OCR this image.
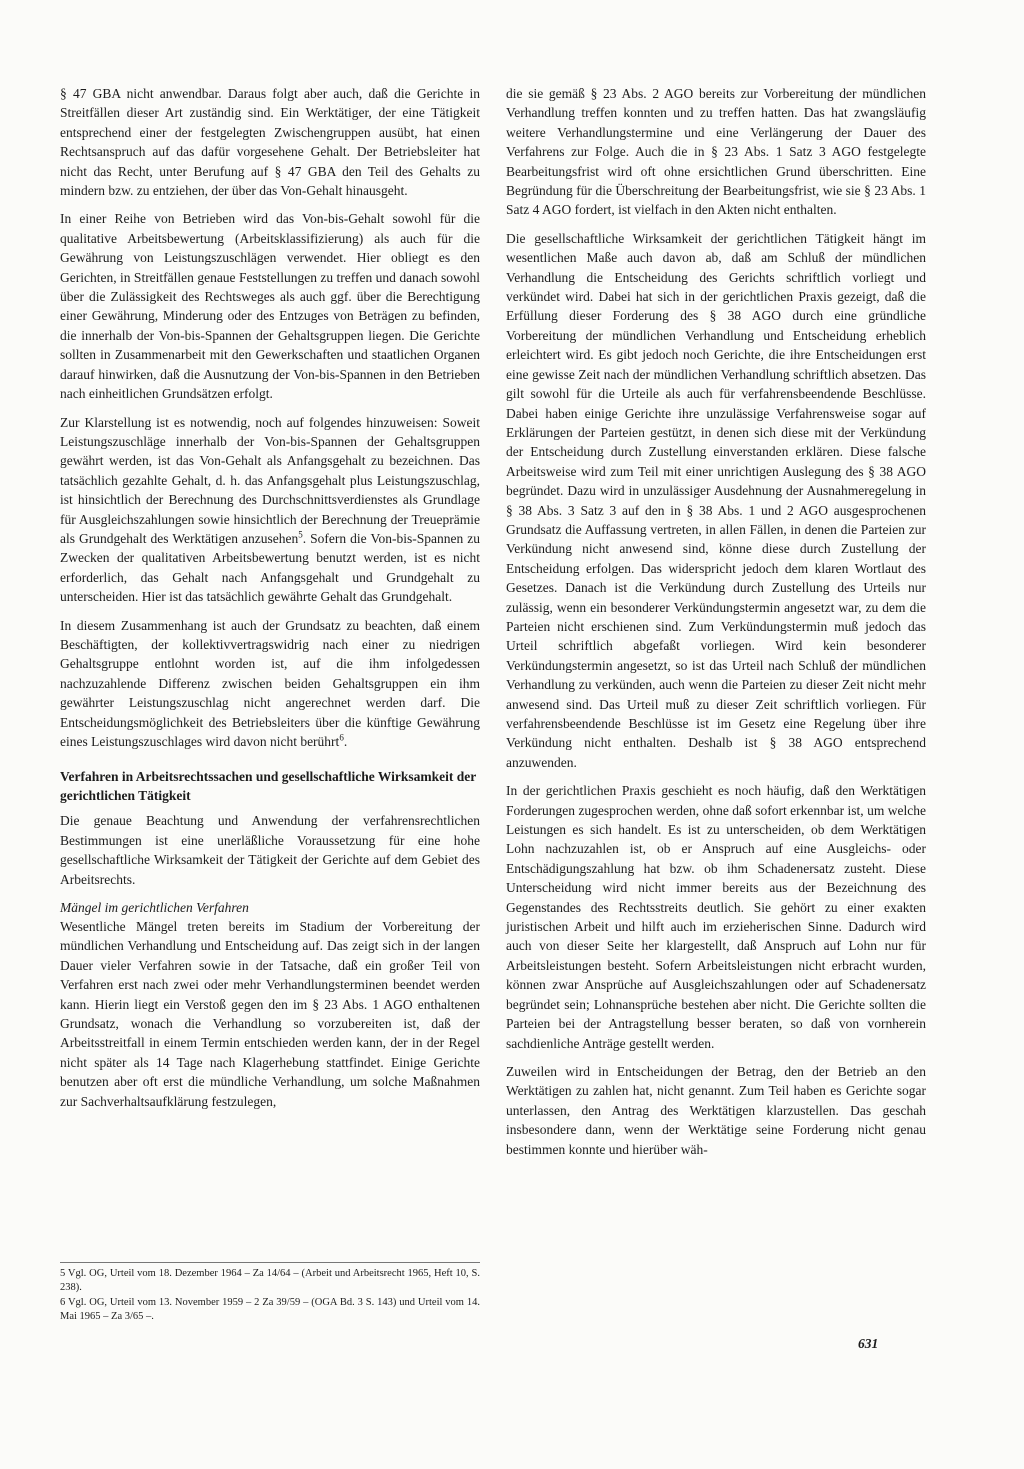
§ 47 GBA nicht anwendbar. Daraus folgt aber auch, daß die Gerichte in Streitfällen dieser Art zuständig sind. Ein Werktätiger, der eine Tätigkeit entsprechend einer der festgelegten Zwischengruppen ausübt, hat einen Rechtsanspruch auf das dafür vorgesehene Gehalt. Der Betriebsleiter hat nicht das Recht, unter Berufung auf § 47 GBA den Teil des Gehalts zu mindern bzw. zu entziehen, der über das Von-Gehalt hinausgeht.

In einer Reihe von Betrieben wird das Von-bis-Gehalt sowohl für die qualitative Arbeitsbewertung (Arbeitsklassifizierung) als auch für die Gewährung von Leistungszuschlägen verwendet. Hier obliegt es den Gerichten, in Streitfällen genaue Feststellungen zu treffen und danach sowohl über die Zulässigkeit des Rechtsweges als auch ggf. über die Berechtigung einer Gewährung, Minderung oder des Entzuges von Beträgen zu befinden, die innerhalb der Von-bis-Spannen der Gehaltsgruppen liegen. Die Gerichte sollten in Zusammenarbeit mit den Gewerkschaften und staatlichen Organen darauf hinwirken, daß die Ausnutzung der Von-bis-Spannen in den Betrieben nach einheitlichen Grundsätzen erfolgt.

Zur Klarstellung ist es notwendig, noch auf folgendes hinzuweisen: Soweit Leistungszuschläge innerhalb der Von-bis-Spannen der Gehaltsgruppen gewährt werden, ist das Von-Gehalt als Anfangsgehalt zu bezeichnen. Das tatsächlich gezahlte Gehalt, d. h. das Anfangsgehalt plus Leistungszuschlag, ist hinsichtlich der Berechnung des Durchschnittsverdienstes als Grundlage für Ausgleichszahlungen sowie hinsichtlich der Berechnung der Treueprämie als Grundgehalt des Werktätigen anzusehen$^5$. Sofern die Von-bis-Spannen zu Zwecken der qualitativen Arbeitsbewertung benutzt werden, ist es nicht erforderlich, das Gehalt nach Anfangsgehalt und Grundgehalt zu unterscheiden. Hier ist das tatsächlich gewährte Gehalt das Grundgehalt.

In diesem Zusammenhang ist auch der Grundsatz zu beachten, daß einem Beschäftigten, der kollektivvertragswidrig nach einer zu niedrigen Gehaltsgruppe entlohnt worden ist, auf die ihm infolgedessen nachzuzahlende Differenz zwischen beiden Gehaltsgruppen ein ihm gewährter Leistungszuschlag nicht angerechnet werden darf. Die Entscheidungsmöglichkeit des Betriebsleiters über die künftige Gewährung eines Leistungszuschlages wird davon nicht berührt$^6$.

Verfahren in Arbeitsrechtssachen und gesellschaftliche Wirksamkeit der gerichtlichen Tätigkeit

Die genaue Beachtung und Anwendung der verfahrensrechtlichen Bestimmungen ist eine unerläßliche Voraussetzung für eine hohe gesellschaftliche Wirksamkeit der Tätigkeit der Gerichte auf dem Gebiet des Arbeitsrechts.

Mängel im gerichtlichen Verfahren

Wesentliche Mängel treten bereits im Stadium der Vorbereitung der mündlichen Verhandlung und Entscheidung auf. Das zeigt sich in der langen Dauer vieler Verfahren sowie in der Tatsache, daß ein großer Teil von Verfahren erst nach zwei oder mehr Verhandlungsterminen beendet werden kann. Hierin liegt ein Verstoß gegen den im § 23 Abs. 1 AGO enthaltenen Grundsatz, wonach die Verhandlung so vorzubereiten ist, daß der Arbeitsstreitfall in einem Termin entschieden werden kann, der in der Regel nicht später als 14 Tage nach Klagerhebung stattfindet. Einige Gerichte benutzen aber oft erst die mündliche Verhandlung, um solche Maßnahmen zur Sachverhaltsaufklärung festzulegen,

5 Vgl. OG, Urteil vom 18. Dezember 1964 – Za 14/64 – (Arbeit und Arbeitsrecht 1965, Heft 10, S. 238).

6 Vgl. OG, Urteil vom 13. November 1959 – 2 Za 39/59 – (OGA Bd. 3 S. 143) und Urteil vom 14. Mai 1965 – Za 3/65 –.

die sie gemäß § 23 Abs. 2 AGO bereits zur Vorbereitung der mündlichen Verhandlung treffen konnten und zu treffen hatten. Das hat zwangsläufig weitere Verhandlungstermine und eine Verlängerung der Dauer des Verfahrens zur Folge. Auch die in § 23 Abs. 1 Satz 3 AGO festgelegte Bearbeitungsfrist wird oft ohne ersichtlichen Grund überschritten. Eine Begründung für die Überschreitung der Bearbeitungsfrist, wie sie § 23 Abs. 1 Satz 4 AGO fordert, ist vielfach in den Akten nicht enthalten.

Die gesellschaftliche Wirksamkeit der gerichtlichen Tätigkeit hängt im wesentlichen Maße auch davon ab, daß am Schluß der mündlichen Verhandlung die Entscheidung des Gerichts schriftlich vorliegt und verkündet wird. Dabei hat sich in der gerichtlichen Praxis gezeigt, daß die Erfüllung dieser Forderung des § 38 AGO durch eine gründliche Vorbereitung der mündlichen Verhandlung und Entscheidung erheblich erleichtert wird. Es gibt jedoch noch Gerichte, die ihre Entscheidungen erst eine gewisse Zeit nach der mündlichen Verhandlung schriftlich absetzen. Das gilt sowohl für die Urteile als auch für verfahrensbeendende Beschlüsse. Dabei haben einige Gerichte ihre unzulässige Verfahrensweise sogar auf Erklärungen der Parteien gestützt, in denen sich diese mit der Verkündung der Entscheidung durch Zustellung einverstanden erklären. Diese falsche Arbeitsweise wird zum Teil mit einer unrichtigen Auslegung des § 38 AGO begründet. Dazu wird in unzulässiger Ausdehnung der Ausnahmeregelung in § 38 Abs. 3 Satz 3 auf den in § 38 Abs. 1 und 2 AGO ausgesprochenen Grundsatz die Auffassung vertreten, in allen Fällen, in denen die Parteien zur Verkündung nicht anwesend sind, könne diese durch Zustellung der Entscheidung erfolgen. Das widerspricht jedoch dem klaren Wortlaut des Gesetzes. Danach ist die Verkündung durch Zustellung des Urteils nur zulässig, wenn ein besonderer Verkündungstermin angesetzt war, zu dem die Parteien nicht erschienen sind. Zum Verkündungstermin muß jedoch das Urteil schriftlich abgefaßt vorliegen. Wird kein besonderer Verkündungstermin angesetzt, so ist das Urteil nach Schluß der mündlichen Verhandlung zu verkünden, auch wenn die Parteien zu dieser Zeit nicht mehr anwesend sind. Das Urteil muß zu dieser Zeit schriftlich vorliegen. Für verfahrensbeendende Beschlüsse ist im Gesetz eine Regelung über ihre Verkündung nicht enthalten. Deshalb ist § 38 AGO entsprechend anzuwenden.

In der gerichtlichen Praxis geschieht es noch häufig, daß den Werktätigen Forderungen zugesprochen werden, ohne daß sofort erkennbar ist, um welche Leistungen es sich handelt. Es ist zu unterscheiden, ob dem Werktätigen Lohn nachzuzahlen ist, ob er Anspruch auf eine Ausgleichs- oder Entschädigungszahlung hat bzw. ob ihm Schadenersatz zusteht. Diese Unterscheidung wird nicht immer bereits aus der Bezeichnung des Gegenstandes des Rechtsstreits deutlich. Sie gehört zu einer exakten juristischen Arbeit und hilft auch im erzieherischen Sinne. Dadurch wird auch von dieser Seite her klargestellt, daß Anspruch auf Lohn nur für Arbeitsleistungen besteht. Sofern Arbeitsleistungen nicht erbracht wurden, können zwar Ansprüche auf Ausgleichszahlungen oder auf Schadenersatz begründet sein; Lohnansprüche bestehen aber nicht. Die Gerichte sollten die Parteien bei der Antragstellung besser beraten, so daß von vornherein sachdienliche Anträge gestellt werden.

Zuweilen wird in Entscheidungen der Betrag, den der Betrieb an den Werktätigen zu zahlen hat, nicht genannt. Zum Teil haben es Gerichte sogar unterlassen, den Antrag des Werktätigen klarzustellen. Das geschah insbesondere dann, wenn der Werktätige seine Forderung nicht genau bestimmen konnte und hierüber wäh-

631
